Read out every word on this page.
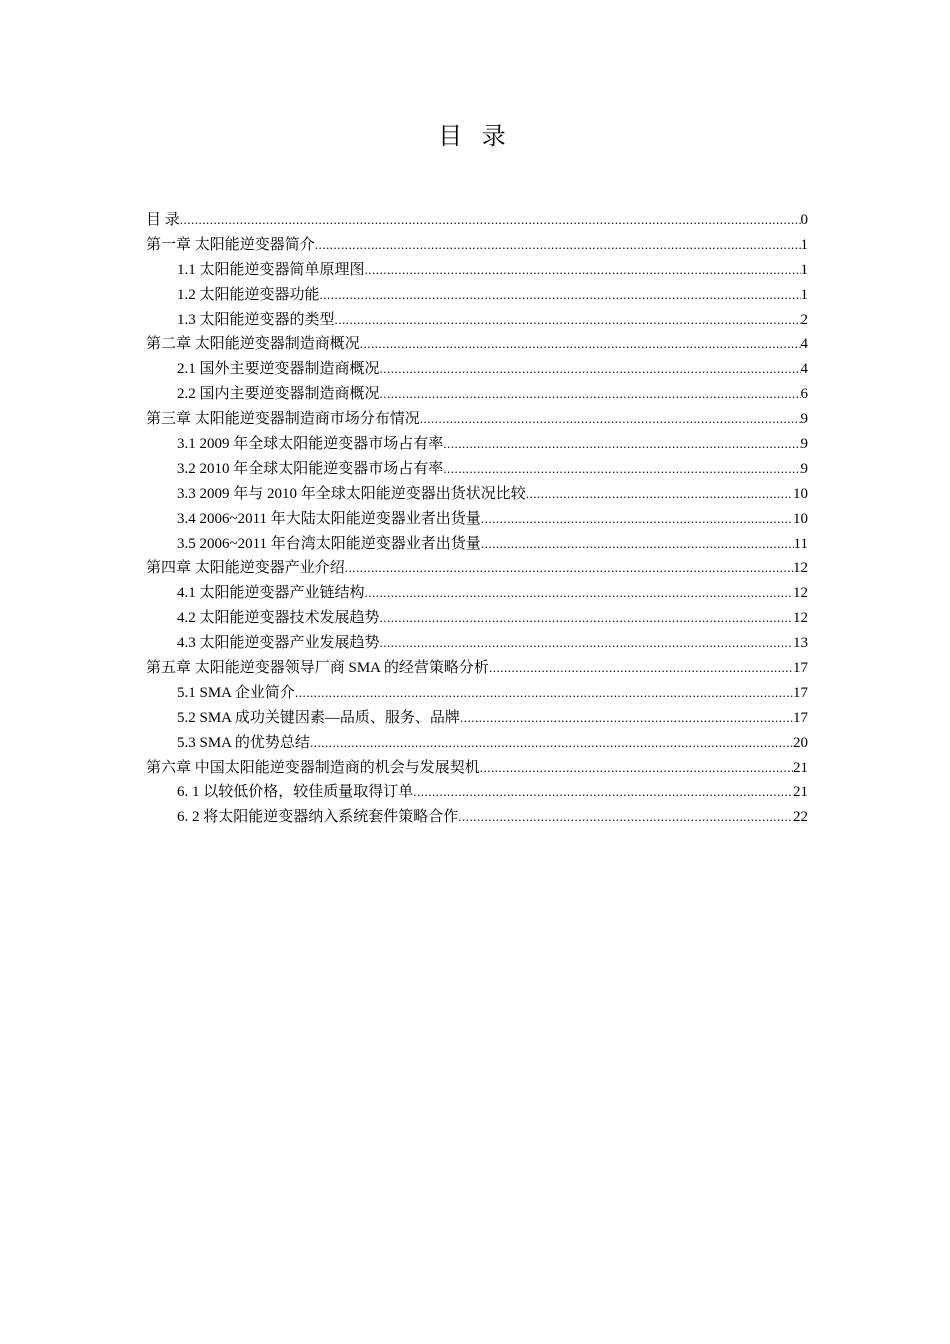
目 录
目 录 .....	0
第一章 太阳能逆变器简介 .....	1
1.1 太阳能逆变器简单原理图 .....	1
1.2 太阳能逆变器功能 .....	1
1.3 太阳能逆变器的类型 .....	2
第二章 太阳能逆变器制造商概况 .....	4
2.1 国外主要逆变器制造商概况 .....	4
2.2 国内主要逆变器制造商概况 .....	6
第三章 太阳能逆变器制造商市场分布情况 .....	9
3.1 2009 年全球太阳能逆变器市场占有率 .....	9
3.2 2010 年全球太阳能逆变器市场占有率 .....	9
3.3 2009 年与 2010 年全球太阳能逆变器出货状况比较 .....	10
3.4 2006~2011 年大陆太阳能逆变器业者出货量 .....	10
3.5 2006~2011 年台湾太阳能逆变器业者出货量 .....	11
第四章 太阳能逆变器产业介绍 .....	12
4.1 太阳能逆变器产业链结构 .....	12
4.2 太阳能逆变器技术发展趋势 .....	12
4.3 太阳能逆变器产业发展趋势 .....	13
第五章 太阳能逆变器领导厂商 SMA 的经营策略分析 .....	17
5.1 SMA 企业简介 .....	17
5.2 SMA 成功关键因素—品质、服务、品牌 .....	17
5.3 SMA 的优势总结 .....	20
第六章 中国太阳能逆变器制造商的机会与发展契机 .....	21
6. 1 以较低价格，较佳质量取得订单 .....	21
6. 2 将太阳能逆变器纳入系统套件策略合作 .....	22
